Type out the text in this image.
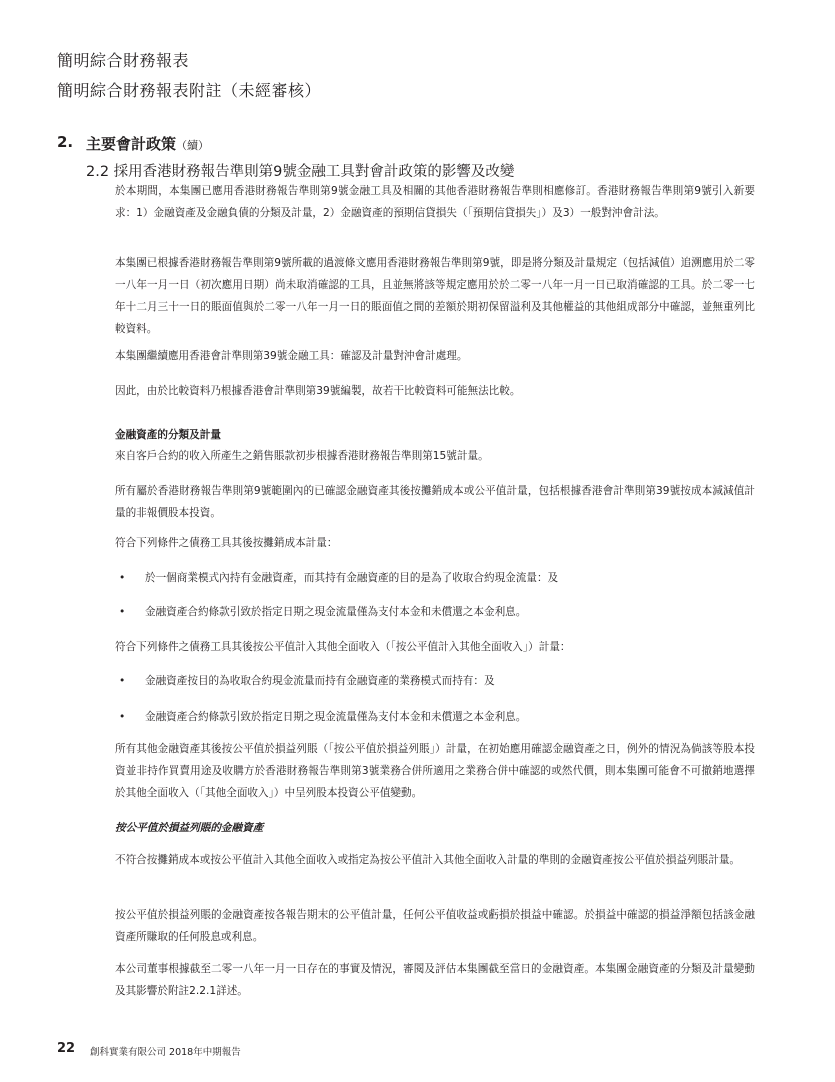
簡明綜合財務報表
簡明綜合財務報表附註（未經審核）
2. 主要會計政策（續）
2.2 採用香港財務報告準則第9號金融工具對會計政策的影響及改變
於本期間，本集團已應用香港財務報告準則第9號金融工具及相關的其他香港財務報告準則相應修訂。香港財務報告準則第9號引入新要求：1）金融資產及金融負債的分類及計量，2）金融資產的預期信貸損失（「預期信貸損失」）及3）一般對沖會計法。
本集團已根據香港財務報告準則第9號所載的過渡條文應用香港財務報告準則第9號，即是將分類及計量規定（包括減值）追溯應用於二零一八年一月一日（初次應用日期）尚未取消確認的工具，且並無將該等規定應用於於二零一八年一月一日已取消確認的工具。於二零一七年十二月三十一日的賬面值與於二零一八年一月一日的賬面值之間的差額於期初保留溢利及其他權益的其他組成部分中確認，並無重列比較資料。
本集團繼續應用香港會計準則第39號金融工具：確認及計量對沖會計處理。
因此，由於比較資料乃根據香港會計準則第39號編製，故若干比較資料可能無法比較。
金融資產的分類及計量
來自客戶合約的收入所產生之銷售賬款初步根據香港財務報告準則第15號計量。
所有屬於香港財務報告準則第9號範圍內的已確認金融資產其後按攤銷成本或公平值計量，包括根據香港會計準則第39號按成本減減值計量的非報價股本投資。
符合下列條件之債務工具其後按攤銷成本計量：
• 於一個商業模式內持有金融資產，而其持有金融資產的目的是為了收取合約現金流量：及
• 金融資產合約條款引致於指定日期之現金流量僅為支付本金和未償還之本金利息。
符合下列條件之債務工具其後按公平值計入其他全面收入（「按公平值計入其他全面收入」）計量：
• 金融資產按目的為收取合約現金流量而持有金融資產的業務模式而持有：及
• 金融資產合約條款引致於指定日期之現金流量僅為支付本金和未償還之本金利息。
所有其他金融資產其後按公平值於損益列賬（「按公平值於損益列賬」）計量，在初始應用確認金融資產之日，例外的情況為倘該等股本投資並非持作買賣用途及收購方於香港財務報告準則第3號業務合併所適用之業務合併中確認的或然代價，則本集團可能會不可撤銷地選擇於其他全面收入（「其他全面收入」）中呈列股本投資公平值變動。
按公平值於損益列賬的金融資產
不符合按攤銷成本或按公平值計入其他全面收入或指定為按公平值計入其他全面收入計量的準則的金融資產按公平值於損益列賬計量。
按公平值於損益列賬的金融資產按各報告期末的公平值計量，任何公平值收益或虧損於損益中確認。於損益中確認的損益淨額包括該金融資產所賺取的任何股息或利息。
本公司董事根據截至二零一八年一月一日存在的事實及情況，審閱及評估本集團截至當日的金融資產。本集團金融資產的分類及計量變動及其影響於附註2.2.1詳述。
22 創科實業有限公司 2018年中期報告
